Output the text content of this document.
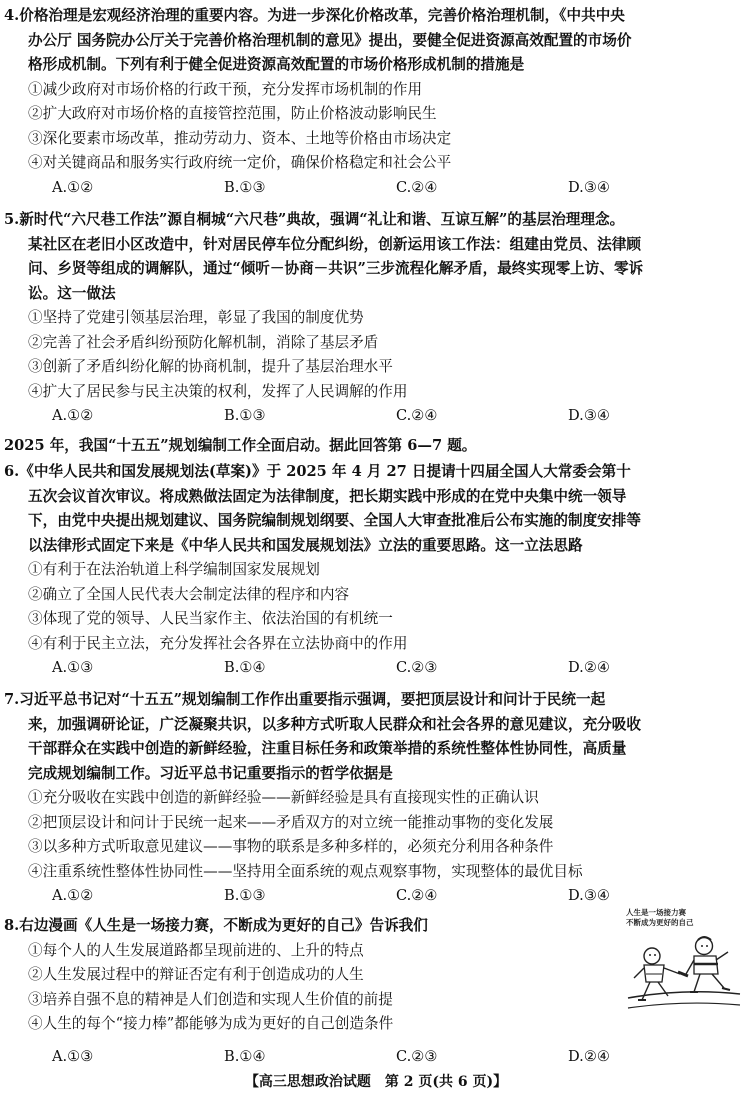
4.价格治理是宏观经济治理的重要内容。为进一步深化价格改革，完善价格治理机制，《中共中央
办公厅 国务院办公厅关于完善价格治理机制的意见》提出，要健全促进资源高效配置的市场价
格形成机制。下列有利于健全促进资源高效配置的市场价格形成机制的措施是
①减少政府对市场价格的行政干预，充分发挥市场机制的作用
②扩大政府对市场价格的直接管控范围，防止价格波动影响民生
③深化要素市场改革，推动劳动力、资本、土地等价格由市场决定
④对关键商品和服务实行政府统一定价，确保价格稳定和社会公平
A.①②	B.①③	C.②④	D.③④
5.新时代“六尺巷工作法”源自桐城“六尺巷”典故，强调“礼让和谐、互谅互解”的基层治理理念。
某社区在老旧小区改造中，针对居民停车位分配纠纷，创新运用该工作法：组建由党员、法律顾
问、乡贤等组成的调解队，通过“倾听－协商－共识”三步流程化解矛盾，最终实现零上访、零诉
讼。这一做法
①坚持了党建引领基层治理，彰显了我国的制度优势
②完善了社会矛盾纠纷预防化解机制，消除了基层矛盾
③创新了矛盾纠纷化解的协商机制，提升了基层治理水平
④扩大了居民参与民主决策的权利，发挥了人民调解的作用
A.①②	B.①③	C.②④	D.③④
2025 年，我国“十五五”规划编制工作全面启动。据此回答第 6—7 题。
6.《中华人民共和国发展规划法(草案)》于 2025 年 4 月 27 日提请十四届全国人大常委会第十
五次会议首次审议。将成熟做法固定为法律制度，把长期实践中形成的在党中央集中统一领导
下，由党中央提出规划建议、国务院编制规划纲要、全国人大审查批准后公布实施的制度安排等
以法律形式固定下来是《中华人民共和国发展规划法》立法的重要思路。这一立法思路
①有利于在法治轨道上科学编制国家发展规划
②确立了全国人民代表大会制定法律的程序和内容
③体现了党的领导、人民当家作主、依法治国的有机统一
④有利于民主立法，充分发挥社会各界在立法协商中的作用
A.①③	B.①④	C.②③	D.②④
7.习近平总书记对“十五五”规划编制工作作出重要指示强调，要把顶层设计和问计于民统一起
来，加强调研论证，广泛凝聚共识，以多种方式听取人民群众和社会各界的意见建议，充分吸收
干部群众在实践中创造的新鲜经验，注重目标任务和政策举措的系统性整体性协同性，高质量
完成规划编制工作。习近平总书记重要指示的哲学依据是
①充分吸收在实践中创造的新鲜经验——新鲜经验是具有直接现实性的正确认识
②把顶层设计和问计于民统一起来——矛盾双方的对立统一能推动事物的变化发展
③以多种方式听取意见建议——事物的联系是多种多样的，必须充分利用各种条件
④注重系统性整体性协同性——坚持用全面系统的观点观察事物，实现整体的最优目标
A.①②	B.①③	C.②④	D.③④
8.右边漫画《人生是一场接力赛，不断成为更好的自己》告诉我们
①每个人的人生发展道路都呈现前进的、上升的特点
②人生发展过程中的辩证否定有利于创造成功的人生
③培养自强不息的精神是人们创造和实现人生价值的前提
④人生的每个“接力棒”都能够为成为更好的自己创造条件
A.①③	B.①④	C.②③	D.②④
人生是一场接力赛
不断成为更好的自己
【高三思想政治试题　第 2 页(共 6 页)】
